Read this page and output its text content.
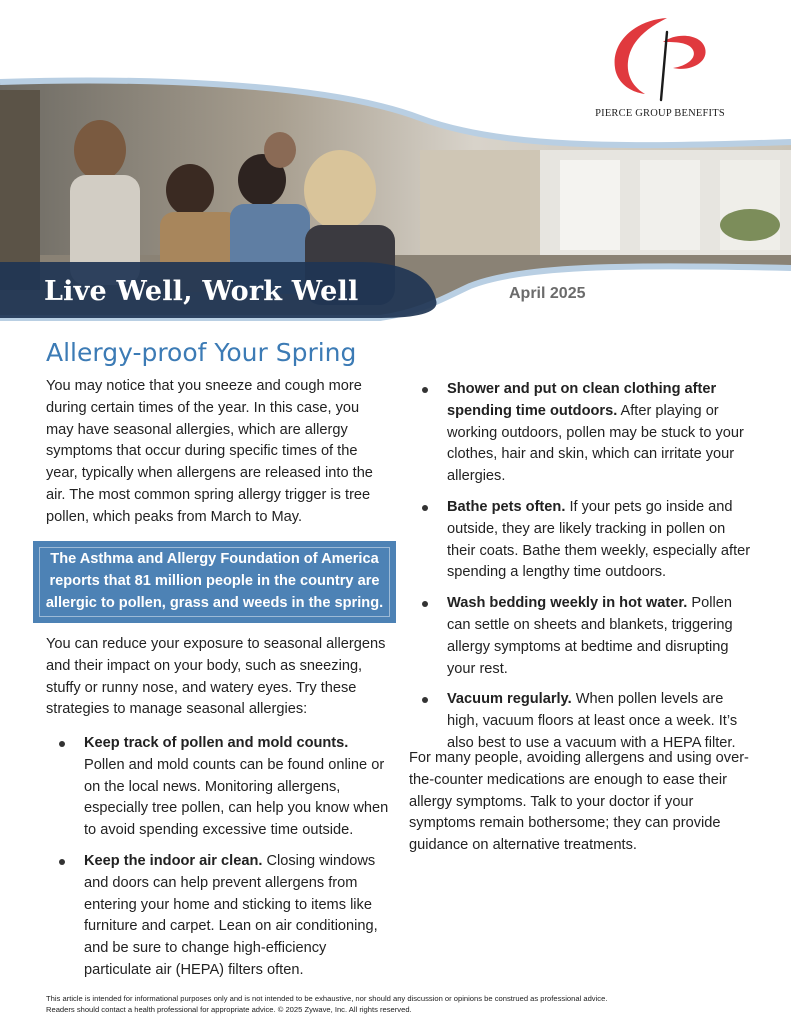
PIERCE GROUP BENEFITS
Live Well, Work Well	April 2025
Allergy-proof Your Spring

You may notice that you sneeze and cough more during certain times of the year. In this case, you may have seasonal allergies, which are allergy symptoms that occur during specific times of the year, typically when allergens are released into the air. The most common spring allergy trigger is tree pollen, which peaks from March to May.

The Asthma and Allergy Foundation of America reports that 81 million people in the country are allergic to pollen, grass and weeds in the spring.
You can reduce your exposure to seasonal allergens and their impact on your body, such as sneezing, stuffy or runny nose, and watery eyes. Try these strategies to manage seasonal allergies:
Keep track of pollen and mold counts. Pollen and mold counts can be found online or on the local news. Monitoring allergens, especially tree pollen, can help you know when to avoid spending excessive time outside.
Keep the indoor air clean. Closing windows and doors can help prevent allergens from entering your home and sticking to items like furniture and carpet. Lean on air conditioning, and be sure to change high-efficiency particulate air (HEPA) filters often.
Shower and put on clean clothing after spending time outdoors. After playing or working outdoors, pollen may be stuck to your clothes, hair and skin, which can irritate your allergies.
Bathe pets often. If your pets go inside and outside, they are likely tracking in pollen on their coats. Bathe them weekly, especially after spending a lengthy time outdoors.
Wash bedding weekly in hot water. Pollen can settle on sheets and blankets, triggering allergy symptoms at bedtime and disrupting your rest.
Vacuum regularly. When pollen levels are high, vacuum floors at least once a week. It’s also best to use a vacuum with a HEPA filter.
For many people, avoiding allergens and using over-the-counter medications are enough to ease their allergy symptoms. Talk to your doctor if your symptoms remain bothersome; they can provide guidance on alternative treatments.
This article is intended for informational purposes only and is not intended to be exhaustive, nor should any discussion or opinions be construed as professional advice.
Readers should contact a health professional for appropriate advice. © 2025 Zywave, Inc. All rights reserved.
